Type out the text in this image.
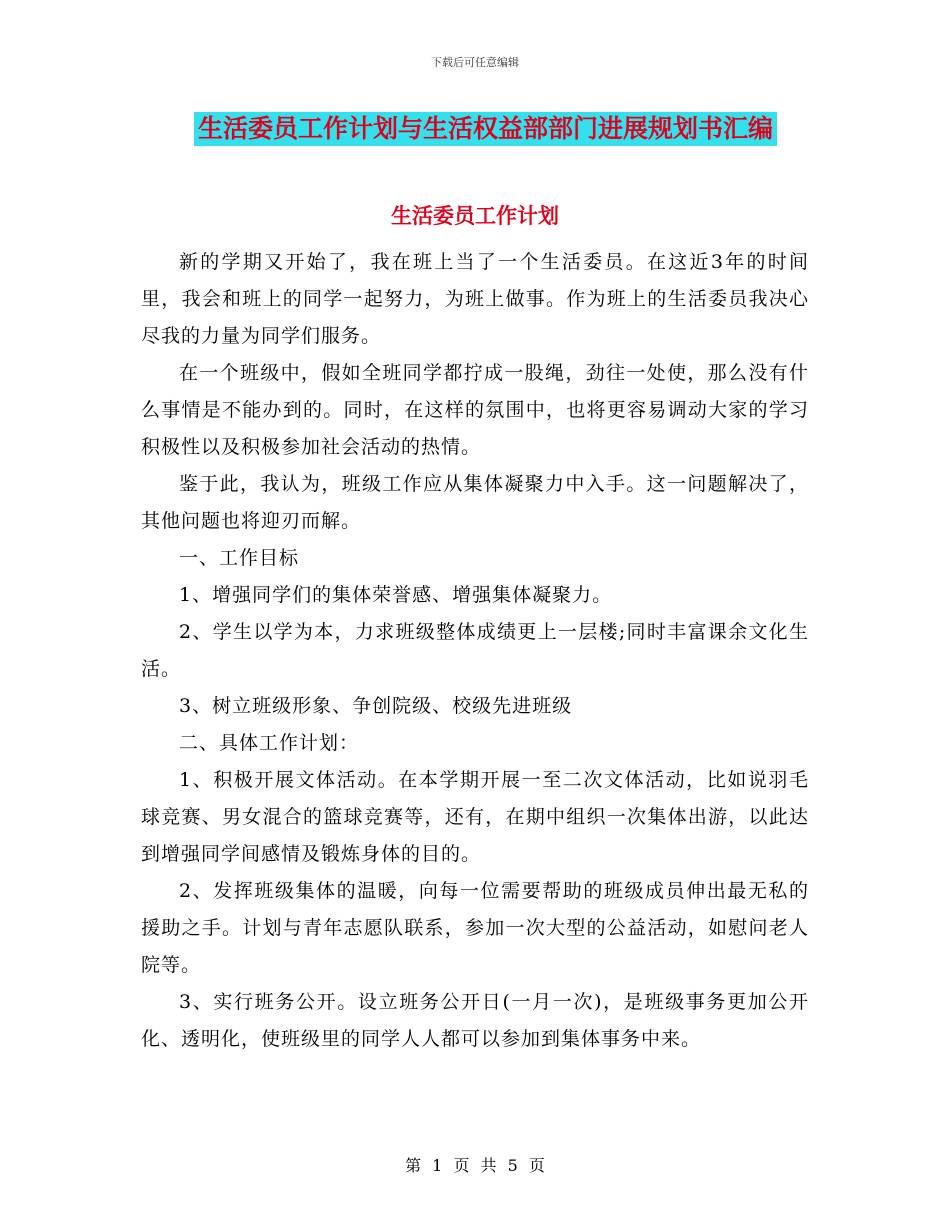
下载后可任意编辑
生活委员工作计划与生活权益部部门进展规划书汇编
生活委员工作计划

新的学期又开始了，我在班上当了一个生活委员。在这近3年的时间里，我会和班上的同学一起努力，为班上做事。作为班上的生活委员我决心尽我的力量为同学们服务。

在一个班级中，假如全班同学都拧成一股绳，劲往一处使，那么没有什么事情是不能办到的。同时，在这样的氛围中，也将更容易调动大家的学习积极性以及积极参加社会活动的热情。

鉴于此，我认为，班级工作应从集体凝聚力中入手。这一问题解决了，其他问题也将迎刃而解。

一、工作目标

1、增强同学们的集体荣誉感、增强集体凝聚力。

2、学生以学为本，力求班级整体成绩更上一层楼;同时丰富课余文化生活。

3、树立班级形象、争创院级、校级先进班级

二、具体工作计划：

1、积极开展文体活动。在本学期开展一至二次文体活动，比如说羽毛球竞赛、男女混合的篮球竞赛等，还有，在期中组织一次集体出游，以此达到增强同学间感情及锻炼身体的目的。

2、发挥班级集体的温暖，向每一位需要帮助的班级成员伸出最无私的援助之手。计划与青年志愿队联系，参加一次大型的公益活动，如慰问老人院等。

3、实行班务公开。设立班务公开日(一月一次)，是班级事务更加公开化、透明化，使班级里的同学人人都可以参加到集体事务中来。

第 1 页 共 5 页
